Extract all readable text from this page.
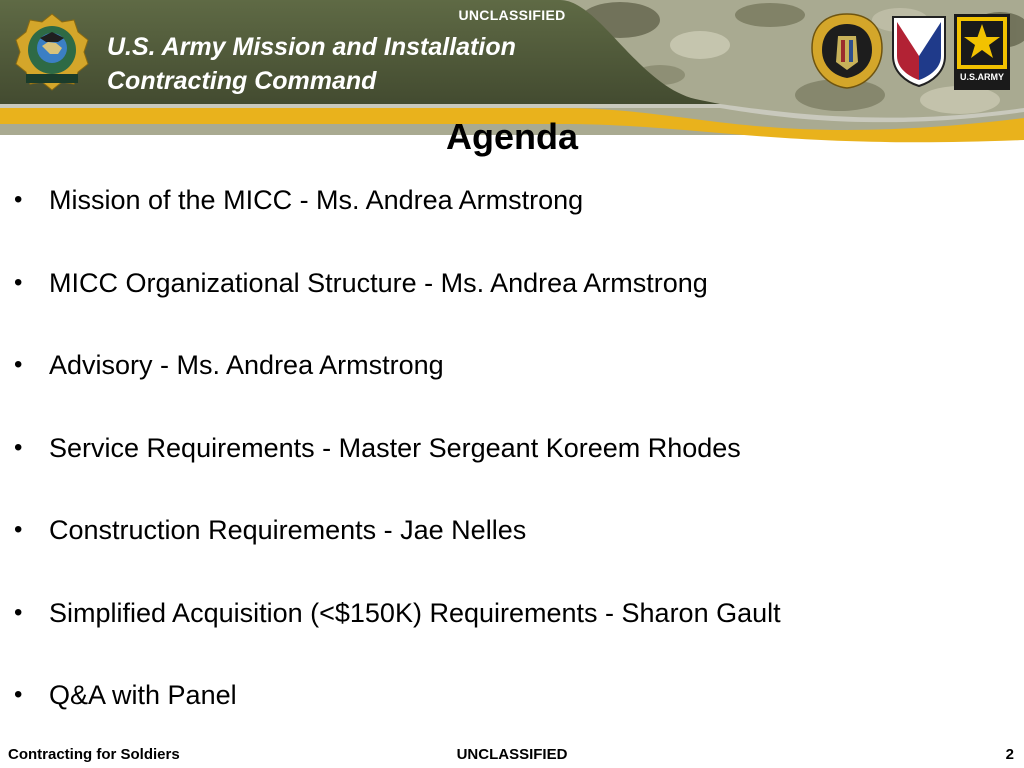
UNCLASSIFIED
U.S. Army Mission and Installation
Contracting Command	U.S.ARMY
Agenda
• Mission of the MICC - Ms. Andrea Armstrong
• MICC Organizational Structure - Ms. Andrea Armstrong
• Advisory - Ms. Andrea Armstrong
• Service Requirements - Master Sergeant Koreem Rhodes
• Construction Requirements - Jae Nelles
• Simplified Acquisition (<$150K) Requirements - Sharon Gault
• Q&A with Panel
Contracting for Soldiers	UNCLASSIFIED	2
